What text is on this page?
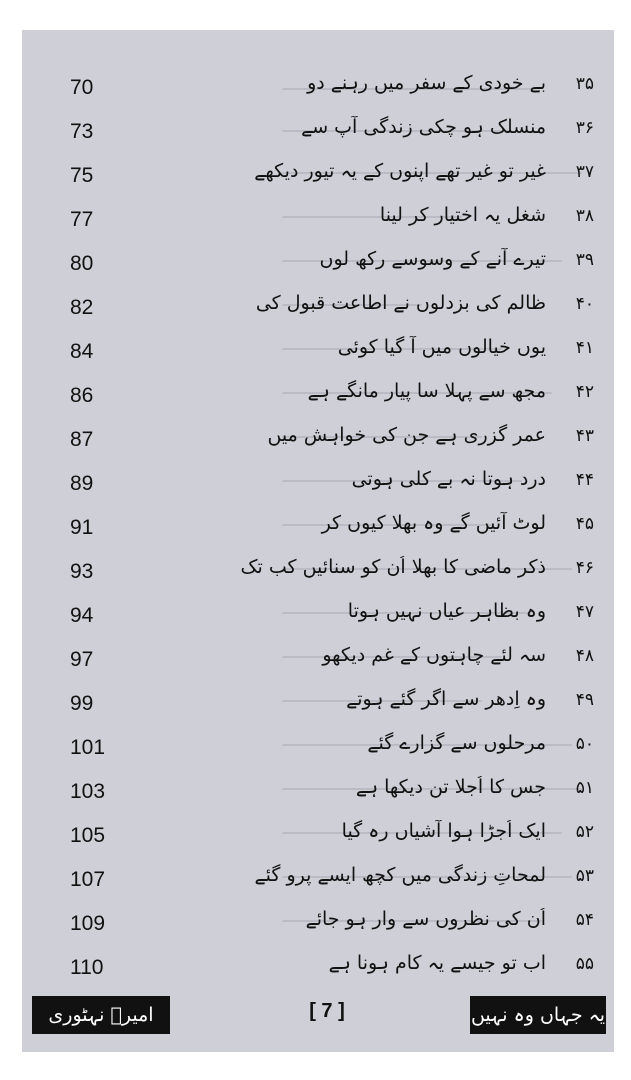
70	بے خودی کے سفر میں رہنے دو	۳۵
73	منسلک ہو چکی زندگی آپ سے	۳۶
75	غیر تو غیر تھے اپنوں کے یہ تیور دیکھے	۳۷
77	شغل یہ اختیار کر لینا	۳۸
80	تیرے آنے کے وسوسے رکھ لوں	۳۹
82	ظالم کی بزدلوں نے اطاعت قبول کی	۴۰
84	یوں خیالوں میں آ گیا کوئی	۴۱
86	مجھ سے پہلا سا پیار مانگے ہے	۴۲
87	عمر گزری ہے جن کی خواہش میں	۴۳
89	درد ہوتا نہ بے کلی ہوتی	۴۴
91	لوٹ آئیں گے وہ بھلا کیوں کر	۴۵
93	ذکر ماضی کا بھلا اُن کو سنائیں کب تک	۴۶
94	وہ بظاہر عیاں نہیں ہوتا	۴۷
97	سہ لئے چاہتوں کے غم دیکھو	۴۸
99	وہ اِدھر سے اگر گئے ہوتے	۴۹
101	مرحلوں سے گزارے گئے	۵۰
103	جس کا اُجلا تن دیکھا ہے	۵۱
105	ایک اُجڑا ہوا آشیاں رہ گیا	۵۲
107	لمحاتِ زندگی میں کچھ ایسے پرو گئے	۵۳
109	اُن کی نظروں سے وار ہو جائے	۵۴
110	اب تو جیسے یہ کام ہونا ہے	۵۵
امیرؔ نہٹوری	[ 7 ]	یہ جہاں وہ نہیں
